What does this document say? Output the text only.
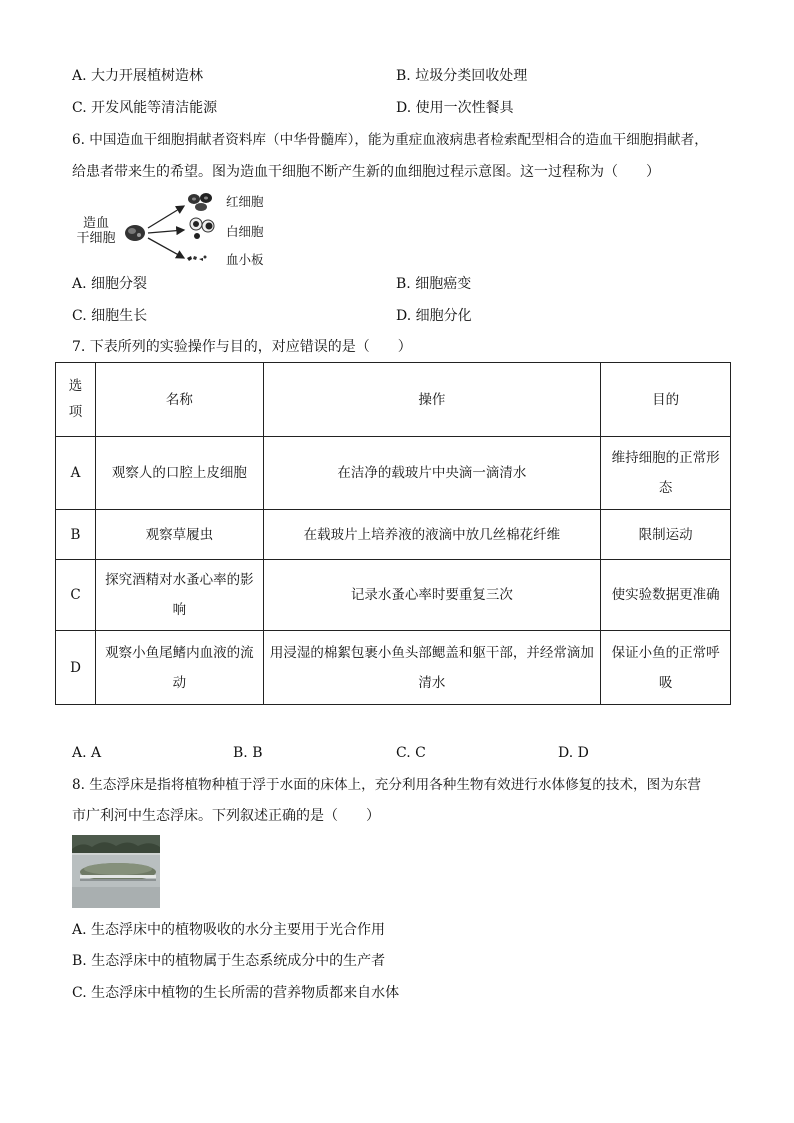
A. 大力开展植树造林	B. 垃圾分类回收处理
C. 开发风能等清洁能源	D. 使用一次性餐具
6. 中国造血干细胞捐献者资料库（中华骨髓库），能为重症血液病患者检索配型相合的造血干细胞捐献者，
给患者带来生的希望。图为造血干细胞不断产生新的血细胞过程示意图。这一过程称为（　　）
造血
干细胞
红细胞
白细胞
血小板
A. 细胞分裂	B. 细胞癌变
C. 细胞生长	D. 细胞分化
7. 下表所列的实验操作与目的，对应错误的是（　　）
选项	名称	操作	目的
A	观察人的口腔上皮细胞	在洁净的载玻片中央滴一滴清水	维持细胞的正常形态
B	观察草履虫	在载玻片上培养液的液滴中放几丝棉花纤维	限制运动
C	探究酒精对水蚤心率的影响	记录水蚤心率时要重复三次	使实验数据更准确
D	观察小鱼尾鳍内血液的流动	用浸湿的棉絮包裹小鱼头部鳃盖和躯干部，并经常滴加清水	保证小鱼的正常呼吸
A. A	B. B	C. C	D. D
8. 生态浮床是指将植物种植于浮于水面的床体上，充分利用各种生物有效进行水体修复的技术，图为东营
市广利河中生态浮床。下列叙述正确的是（　　）
A. 生态浮床中的植物吸收的水分主要用于光合作用
B. 生态浮床中的植物属于生态系统成分中的生产者
C. 生态浮床中植物的生长所需的营养物质都来自水体
